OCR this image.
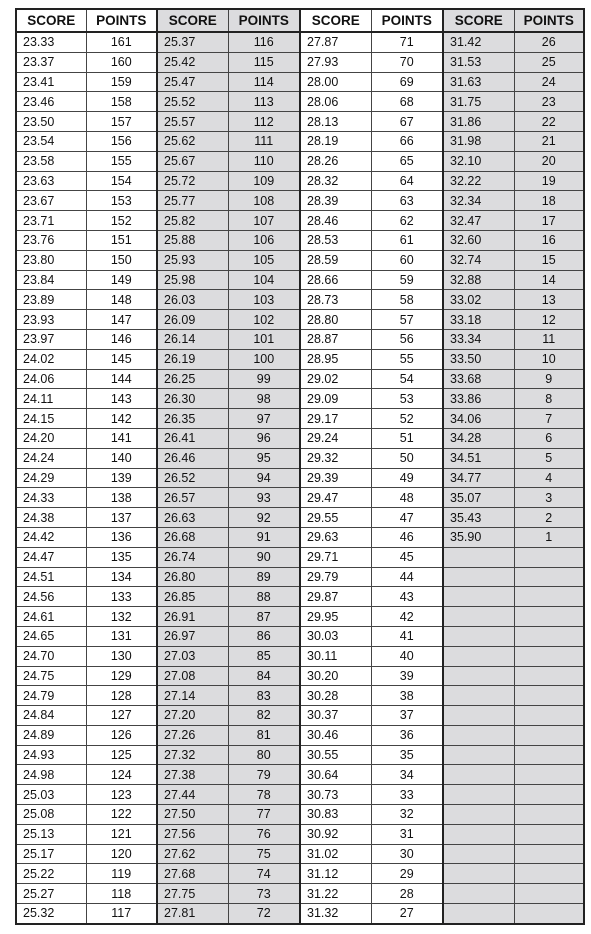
SCORE	POINTS	SCORE	POINTS	SCORE	POINTS	SCORE	POINTS
23.33	161	25.37	116	27.87	71	31.42	26
23.37	160	25.42	115	27.93	70	31.53	25
23.41	159	25.47	114	28.00	69	31.63	24
23.46	158	25.52	113	28.06	68	31.75	23
23.50	157	25.57	112	28.13	67	31.86	22
23.54	156	25.62	111	28.19	66	31.98	21
23.58	155	25.67	110	28.26	65	32.10	20
23.63	154	25.72	109	28.32	64	32.22	19
23.67	153	25.77	108	28.39	63	32.34	18
23.71	152	25.82	107	28.46	62	32.47	17
23.76	151	25.88	106	28.53	61	32.60	16
23.80	150	25.93	105	28.59	60	32.74	15
23.84	149	25.98	104	28.66	59	32.88	14
23.89	148	26.03	103	28.73	58	33.02	13
23.93	147	26.09	102	28.80	57	33.18	12
23.97	146	26.14	101	28.87	56	33.34	11
24.02	145	26.19	100	28.95	55	33.50	10
24.06	144	26.25	99	29.02	54	33.68	9
24.11	143	26.30	98	29.09	53	33.86	8
24.15	142	26.35	97	29.17	52	34.06	7
24.20	141	26.41	96	29.24	51	34.28	6
24.24	140	26.46	95	29.32	50	34.51	5
24.29	139	26.52	94	29.39	49	34.77	4
24.33	138	26.57	93	29.47	48	35.07	3
24.38	137	26.63	92	29.55	47	35.43	2
24.42	136	26.68	91	29.63	46	35.90	1
24.47	135	26.74	90	29.71	45		
24.51	134	26.80	89	29.79	44		
24.56	133	26.85	88	29.87	43		
24.61	132	26.91	87	29.95	42		
24.65	131	26.97	86	30.03	41		
24.70	130	27.03	85	30.11	40		
24.75	129	27.08	84	30.20	39		
24.79	128	27.14	83	30.28	38		
24.84	127	27.20	82	30.37	37		
24.89	126	27.26	81	30.46	36		
24.93	125	27.32	80	30.55	35		
24.98	124	27.38	79	30.64	34		
25.03	123	27.44	78	30.73	33		
25.08	122	27.50	77	30.83	32		
25.13	121	27.56	76	30.92	31		
25.17	120	27.62	75	31.02	30		
25.22	119	27.68	74	31.12	29		
25.27	118	27.75	73	31.22	28		
25.32	117	27.81	72	31.32	27		
